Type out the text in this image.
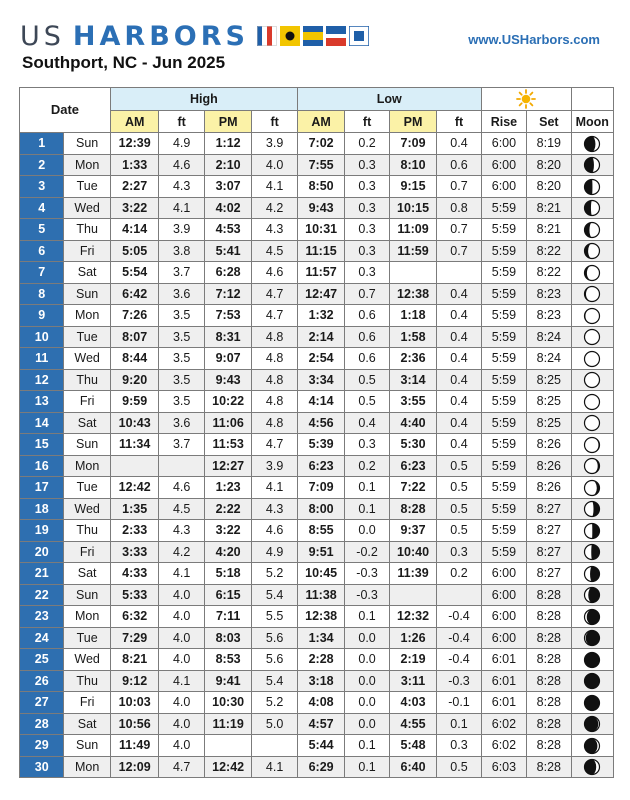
US HARBORS	www.USHarbors.com
Southport, NC - Jun 2025
Date		High				Low		
		AM	ft	PM	ft	AM	ft	PM	ft	Rise	Set	Moon
1	Sun	12:39	4.9	1:12	3.9	7:02	0.2	7:09	0.4	6:00	8:19	
2	Mon	1:33	4.6	2:10	4.0	7:55	0.3	8:10	0.6	6:00	8:20	
3	Tue	2:27	4.3	3:07	4.1	8:50	0.3	9:15	0.7	6:00	8:20	
4	Wed	3:22	4.1	4:02	4.2	9:43	0.3	10:15	0.8	5:59	8:21	
5	Thu	4:14	3.9	4:53	4.3	10:31	0.3	11:09	0.7	5:59	8:21	
6	Fri	5:05	3.8	5:41	4.5	11:15	0.3	11:59	0.7	5:59	8:22	
7	Sat	5:54	3.7	6:28	4.6	11:57	0.3			5:59	8:22	
8	Sun	6:42	3.6	7:12	4.7	12:47	0.7	12:38	0.4	5:59	8:23	
9	Mon	7:26	3.5	7:53	4.7	1:32	0.6	1:18	0.4	5:59	8:23	
10	Tue	8:07	3.5	8:31	4.8	2:14	0.6	1:58	0.4	5:59	8:24	
11	Wed	8:44	3.5	9:07	4.8	2:54	0.6	2:36	0.4	5:59	8:24	
12	Thu	9:20	3.5	9:43	4.8	3:34	0.5	3:14	0.4	5:59	8:25	
13	Fri	9:59	3.5	10:22	4.8	4:14	0.5	3:55	0.4	5:59	8:25	
14	Sat	10:43	3.6	11:06	4.8	4:56	0.4	4:40	0.4	5:59	8:25	
15	Sun	11:34	3.7	11:53	4.7	5:39	0.3	5:30	0.4	5:59	8:26	
16	Mon			12:27	3.9	6:23	0.2	6:23	0.5	5:59	8:26	
17	Tue	12:42	4.6	1:23	4.1	7:09	0.1	7:22	0.5	5:59	8:26	
18	Wed	1:35	4.5	2:22	4.3	8:00	0.1	8:28	0.5	5:59	8:27	
19	Thu	2:33	4.3	3:22	4.6	8:55	0.0	9:37	0.5	5:59	8:27	
20	Fri	3:33	4.2	4:20	4.9	9:51	-0.2	10:40	0.3	5:59	8:27	
21	Sat	4:33	4.1	5:18	5.2	10:45	-0.3	11:39	0.2	6:00	8:27	
22	Sun	5:33	4.0	6:15	5.4	11:38	-0.3			6:00	8:28	
23	Mon	6:32	4.0	7:11	5.5	12:38	0.1	12:32	-0.4	6:00	8:28	
24	Tue	7:29	4.0	8:03	5.6	1:34	0.0	1:26	-0.4	6:00	8:28	
25	Wed	8:21	4.0	8:53	5.6	2:28	0.0	2:19	-0.4	6:01	8:28	
26	Thu	9:12	4.1	9:41	5.4	3:18	0.0	3:11	-0.3	6:01	8:28	
27	Fri	10:03	4.0	10:30	5.2	4:08	0.0	4:03	-0.1	6:01	8:28	
28	Sat	10:56	4.0	11:19	5.0	4:57	0.0	4:55	0.1	6:02	8:28	
29	Sun	11:49	4.0			5:44	0.1	5:48	0.3	6:02	8:28	
30	Mon	12:09	4.7	12:42	4.1	6:29	0.1	6:40	0.5	6:03	8:28	
